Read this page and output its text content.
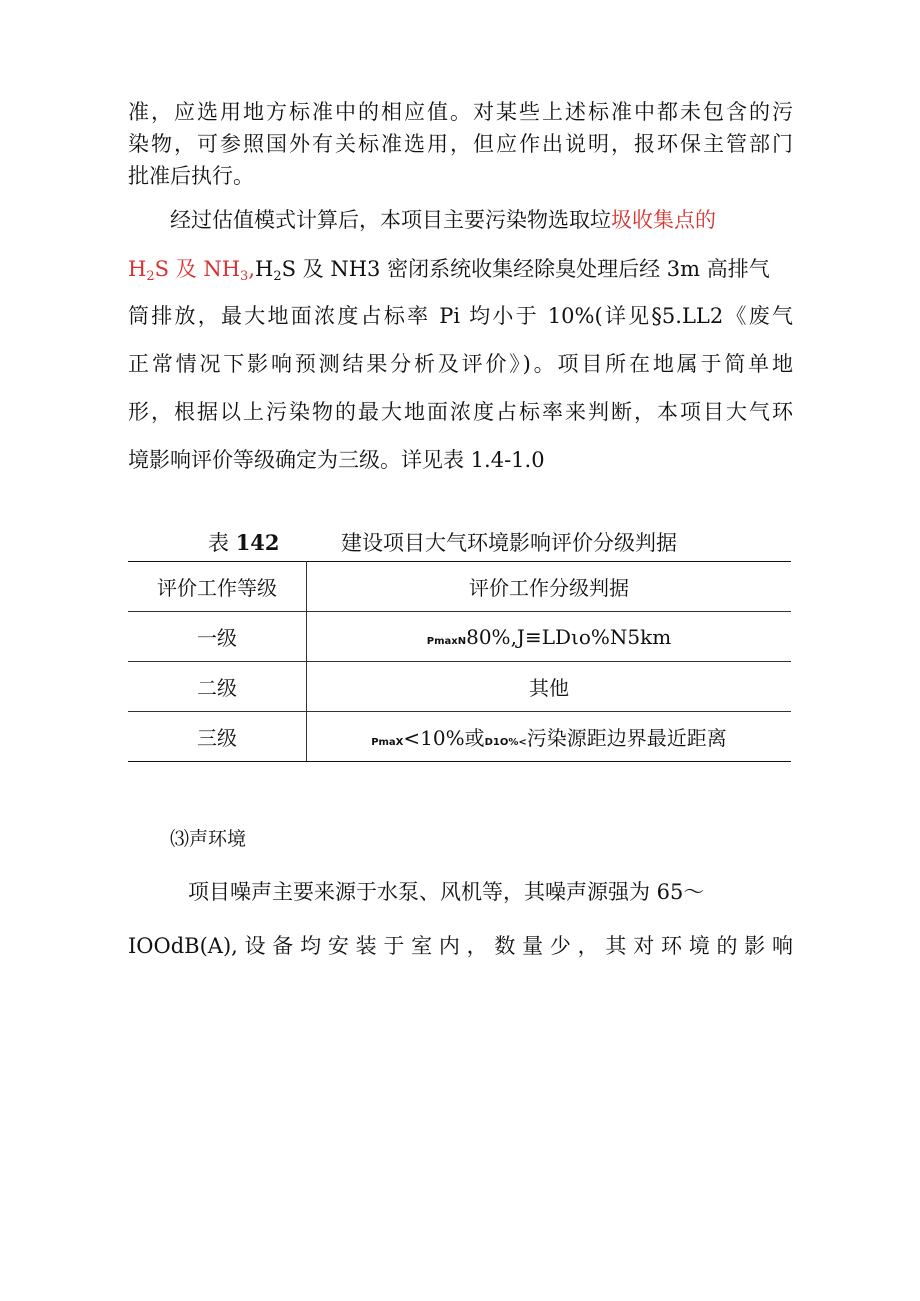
准，应选用地方标准中的相应值。对某些上述标准中都未包含的污
染物，可参照国外有关标准选用，但应作出说明，报环保主管部门
批准后执行。
经过估值模式计算后，本项目主要污染物选取垃圾收集点的
$H_2S$ 及 $NH_3,H_2S$ 及 NH3 密闭系统收集经除臭处理后经 3m 高排气
筒排放，最大地面浓度占标率 Pi 均小于 10%(详见§5.LL2《废气
正常情况下影响预测结果分析及评价》)。项目所在地属于简单地
形，根据以上污染物的最大地面浓度占标率来判断，本项目大气环
境影响评价等级确定为三级。详见表 1.4-1.0
表 142	建设项目大气环境影响评价分级判据
评价工作等级	评价工作分级判据
一级	PmaxN80%,J≡LDιo%N5km
二级	其他
三级	PmaX<10%或D1O%<污染源距边界最近距离
⑶声环境
项目噪声主要来源于水泵、风机等，其噪声源强为 65～
IOOdB(A), 设 备 均 安 装 于 室 内 ， 数 量 少 ， 其 对 环 境 的 影 响
